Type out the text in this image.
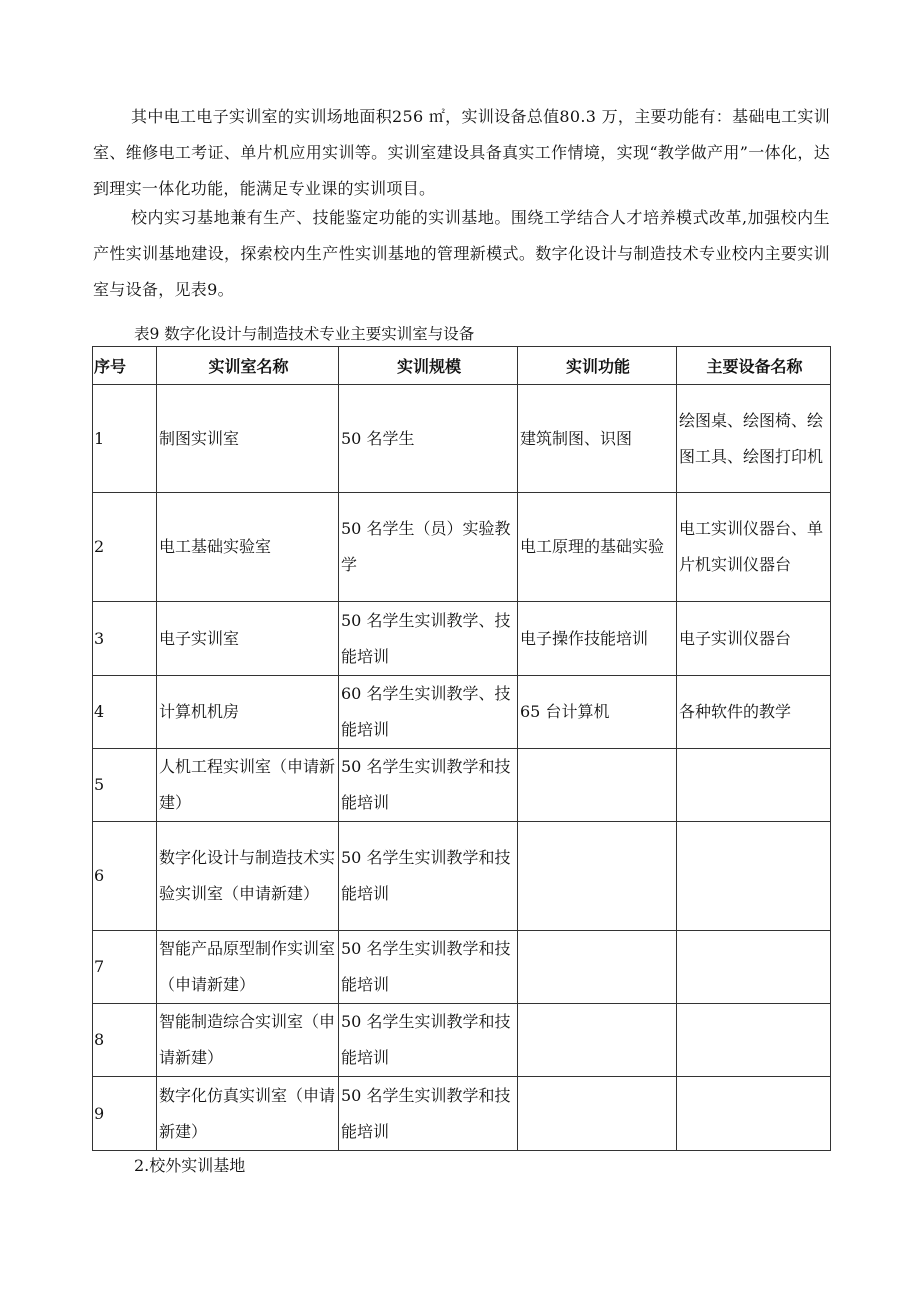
其中电工电子实训室的实训场地面积256 ㎡，实训设备总值80.3 万，主要功能有：基础电工实训室、维修电工考证、单片机应用实训等。实训室建设具备真实工作情境，实现“教学做产用”一体化，达到理实一体化功能，能满足专业课的实训项目。

校内实习基地兼有生产、技能鉴定功能的实训基地。围绕工学结合人才培养模式改革,加强校内生产性实训基地建设，探索校内生产性实训基地的管理新模式。数字化设计与制造技术专业校内主要实训室与设备，见表9。

表9 数字化设计与制造技术专业主要实训室与设备

序号	实训室名称	实训规模	实训功能	主要设备名称
1	制图实训室	50 名学生	建筑制图、识图	绘图桌、绘图椅、绘图工具、绘图打印机
2	电工基础实验室	50 名学生（员）实验教学	电工原理的基础实验	电工实训仪器台、单片机实训仪器台
3	电子实训室	50 名学生实训教学、技能培训	电子操作技能培训	电子实训仪器台
4	计算机机房	60 名学生实训教学、技能培训	65 台计算机	各种软件的教学
5	人机工程实训室（申请新建）	50 名学生实训教学和技能培训		
6	数字化设计与制造技术实验实训室（申请新建）	50 名学生实训教学和技能培训		
7	智能产品原型制作实训室（申请新建）	50 名学生实训教学和技能培训		
8	智能制造综合实训室（申请新建）	50 名学生实训教学和技能培训		
9	数字化仿真实训室（申请新建）	50 名学生实训教学和技能培训		

2.校外实训基地
